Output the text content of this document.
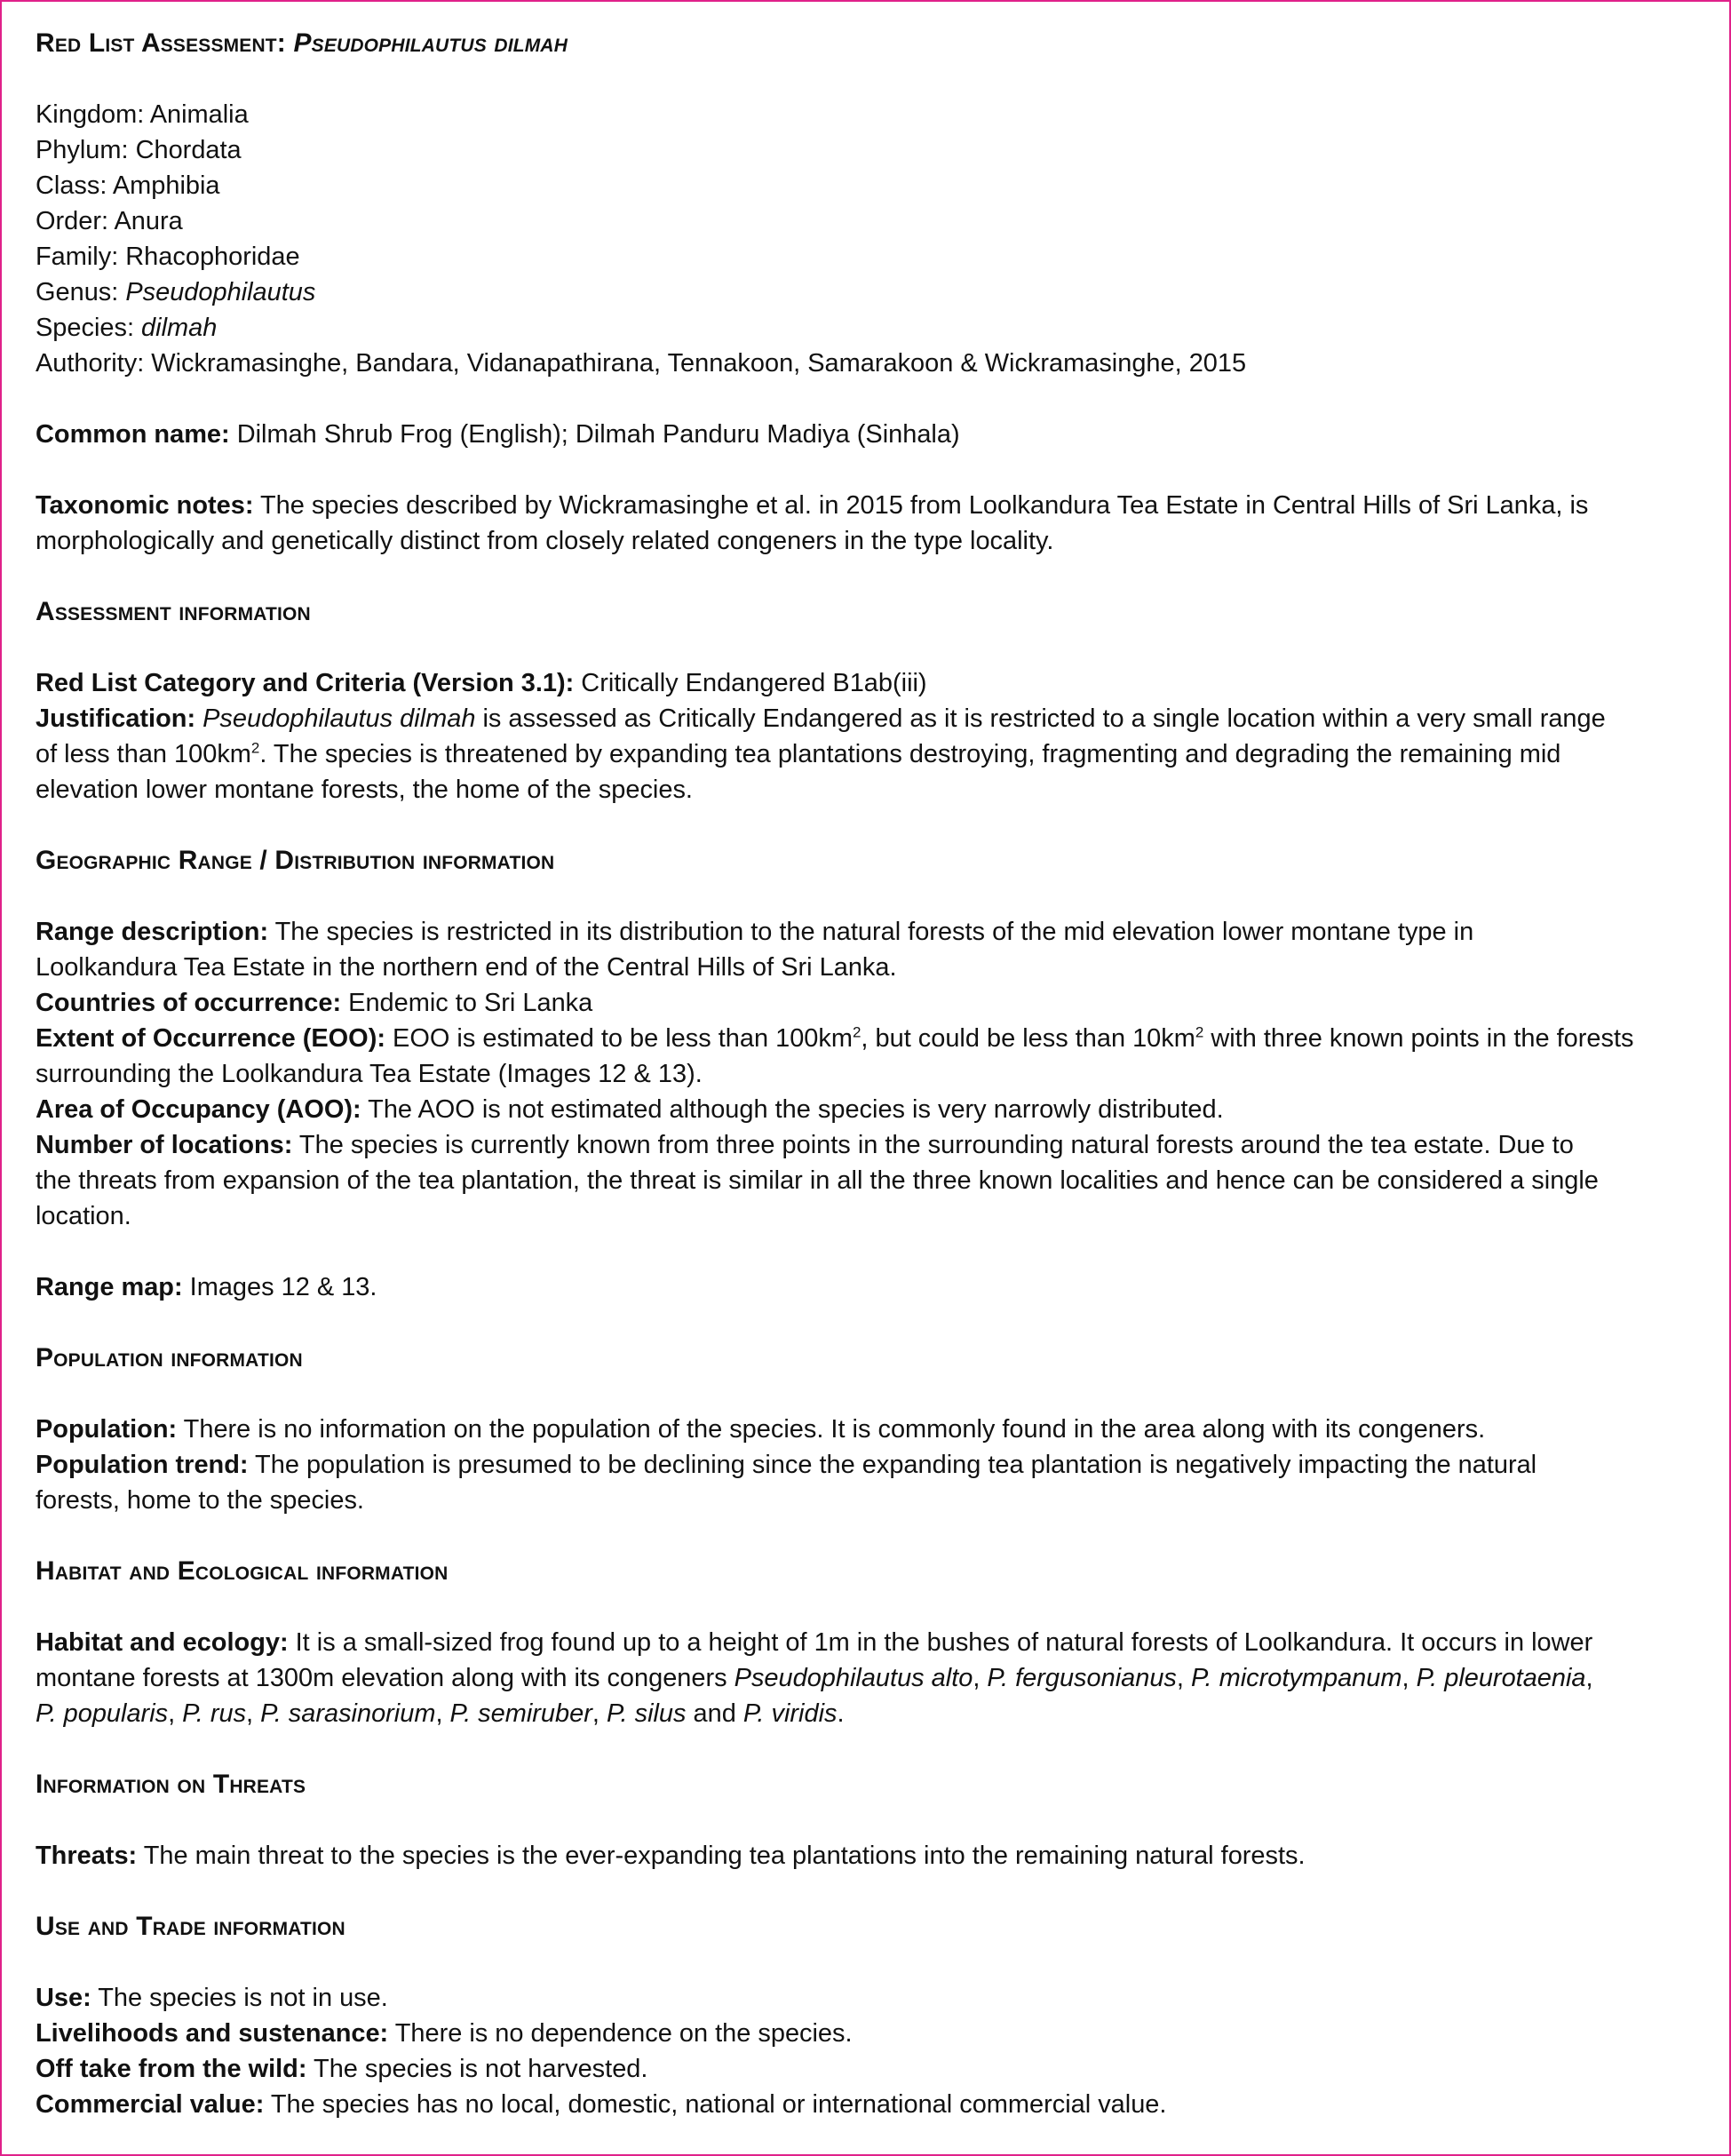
Red List Assessment: Pseudophilautus dilmah
Kingdom: Animalia
Phylum: Chordata
Class: Amphibia
Order: Anura
Family: Rhacophoridae
Genus: Pseudophilautus
Species: dilmah
Authority: Wickramasinghe, Bandara, Vidanapathirana, Tennakoon, Samarakoon & Wickramasinghe, 2015
Common name: Dilmah Shrub Frog (English); Dilmah Panduru Madiya (Sinhala)
Taxonomic notes: The species described by Wickramasinghe et al. in 2015 from Loolkandura Tea Estate in Central Hills of Sri Lanka, is
morphologically and genetically distinct from closely related congeners in the type locality.
Assessment information
Red List Category and Criteria (Version 3.1): Critically Endangered B1ab(iii)
Justification: Pseudophilautus dilmah is assessed as Critically Endangered as it is restricted to a single location within a very small range
of less than $100km^2$. The species is threatened by expanding tea plantations destroying, fragmenting and degrading the remaining mid
elevation lower montane forests, the home of the species.
Geographic Range / Distribution information
Range description: The species is restricted in its distribution to the natural forests of the mid elevation lower montane type in
Loolkandura Tea Estate in the northern end of the Central Hills of Sri Lanka.
Countries of occurrence: Endemic to Sri Lanka
Extent of Occurrence (EOO): EOO is estimated to be less than $100km^2$, but could be less than $10km^2$ with three known points in the forests
surrounding the Loolkandura Tea Estate (Images 12 & 13).
Area of Occupancy (AOO): The AOO is not estimated although the species is very narrowly distributed.
Number of locations: The species is currently known from three points in the surrounding natural forests around the tea estate. Due to
the threats from expansion of the tea plantation, the threat is similar in all the three known localities and hence can be considered a single
location.
Range map: Images 12 & 13.
Population information
Population: There is no information on the population of the species. It is commonly found in the area along with its congeners.
Population trend: The population is presumed to be declining since the expanding tea plantation is negatively impacting the natural
forests, home to the species.
Habitat and Ecological information
Habitat and ecology: It is a small-sized frog found up to a height of 1m in the bushes of natural forests of Loolkandura. It occurs in lower
montane forests at 1300m elevation along with its congeners Pseudophilautus alto, P. fergusonianus, P. microtympanum, P. pleurotaenia,
P. popularis, P. rus, P. sarasinorium, P. semiruber, P. silus and P. viridis.
Information on Threats
Threats: The main threat to the species is the ever-expanding tea plantations into the remaining natural forests.
Use and Trade information
Use: The species is not in use.
Livelihoods and sustenance: There is no dependence on the species.
Off take from the wild: The species is not harvested.
Commercial value: The species has no local, domestic, national or international commercial value.
